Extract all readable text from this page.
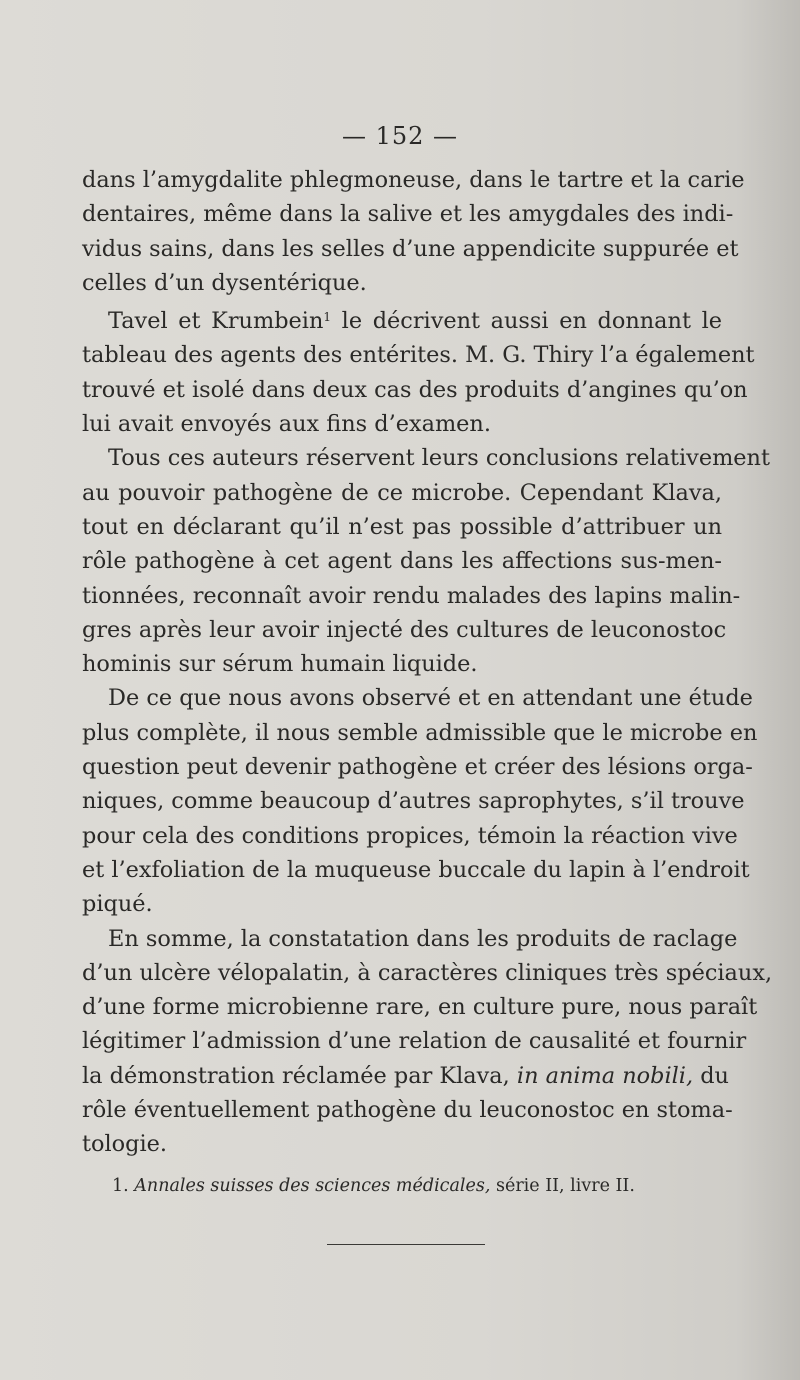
— 152 —

dans l’amygdalite phlegmoneuse, dans le tartre et la carie
dentaires, même dans la salive et les amygdales des indi-
vidus sains, dans les selles d’une appendicite suppurée et
celles d’un dysentérique.

Tavel et Krumbein$^1$ le décrivent aussi en donnant le
tableau des agents des entérites. M. G. Thiry l’a également
trouvé et isolé dans deux cas des produits d’angines qu’on
lui avait envoyés aux fins d’examen.

Tous ces auteurs réservent leurs conclusions relativement
au pouvoir pathogène de ce microbe. Cependant Klava,
tout en déclarant qu’il n’est pas possible d’attribuer un
rôle pathogène à cet agent dans les affections sus-men-
tionnées, reconnaît avoir rendu malades des lapins malin-
gres après leur avoir injecté des cultures de leuconostoc
hominis sur sérum humain liquide.

De ce que nous avons observé et en attendant une étude
plus complète, il nous semble admissible que le microbe en
question peut devenir pathogène et créer des lésions orga-
niques, comme beaucoup d’autres saprophytes, s’il trouve
pour cela des conditions propices, témoin la réaction vive
et l’exfoliation de la muqueuse buccale du lapin à l’endroit
piqué.

En somme, la constatation dans les produits de raclage
d’un ulcère vélopalatin, à caractères cliniques très spéciaux,
d’une forme microbienne rare, en culture pure, nous paraît
légitimer l’admission d’une relation de causalité et fournir
la démonstration réclamée par Klava, in anima nobili, du
rôle éventuellement pathogène du leuconostoc en stoma-
tologie.

1. Annales suisses des sciences médicales, série II, livre II.
